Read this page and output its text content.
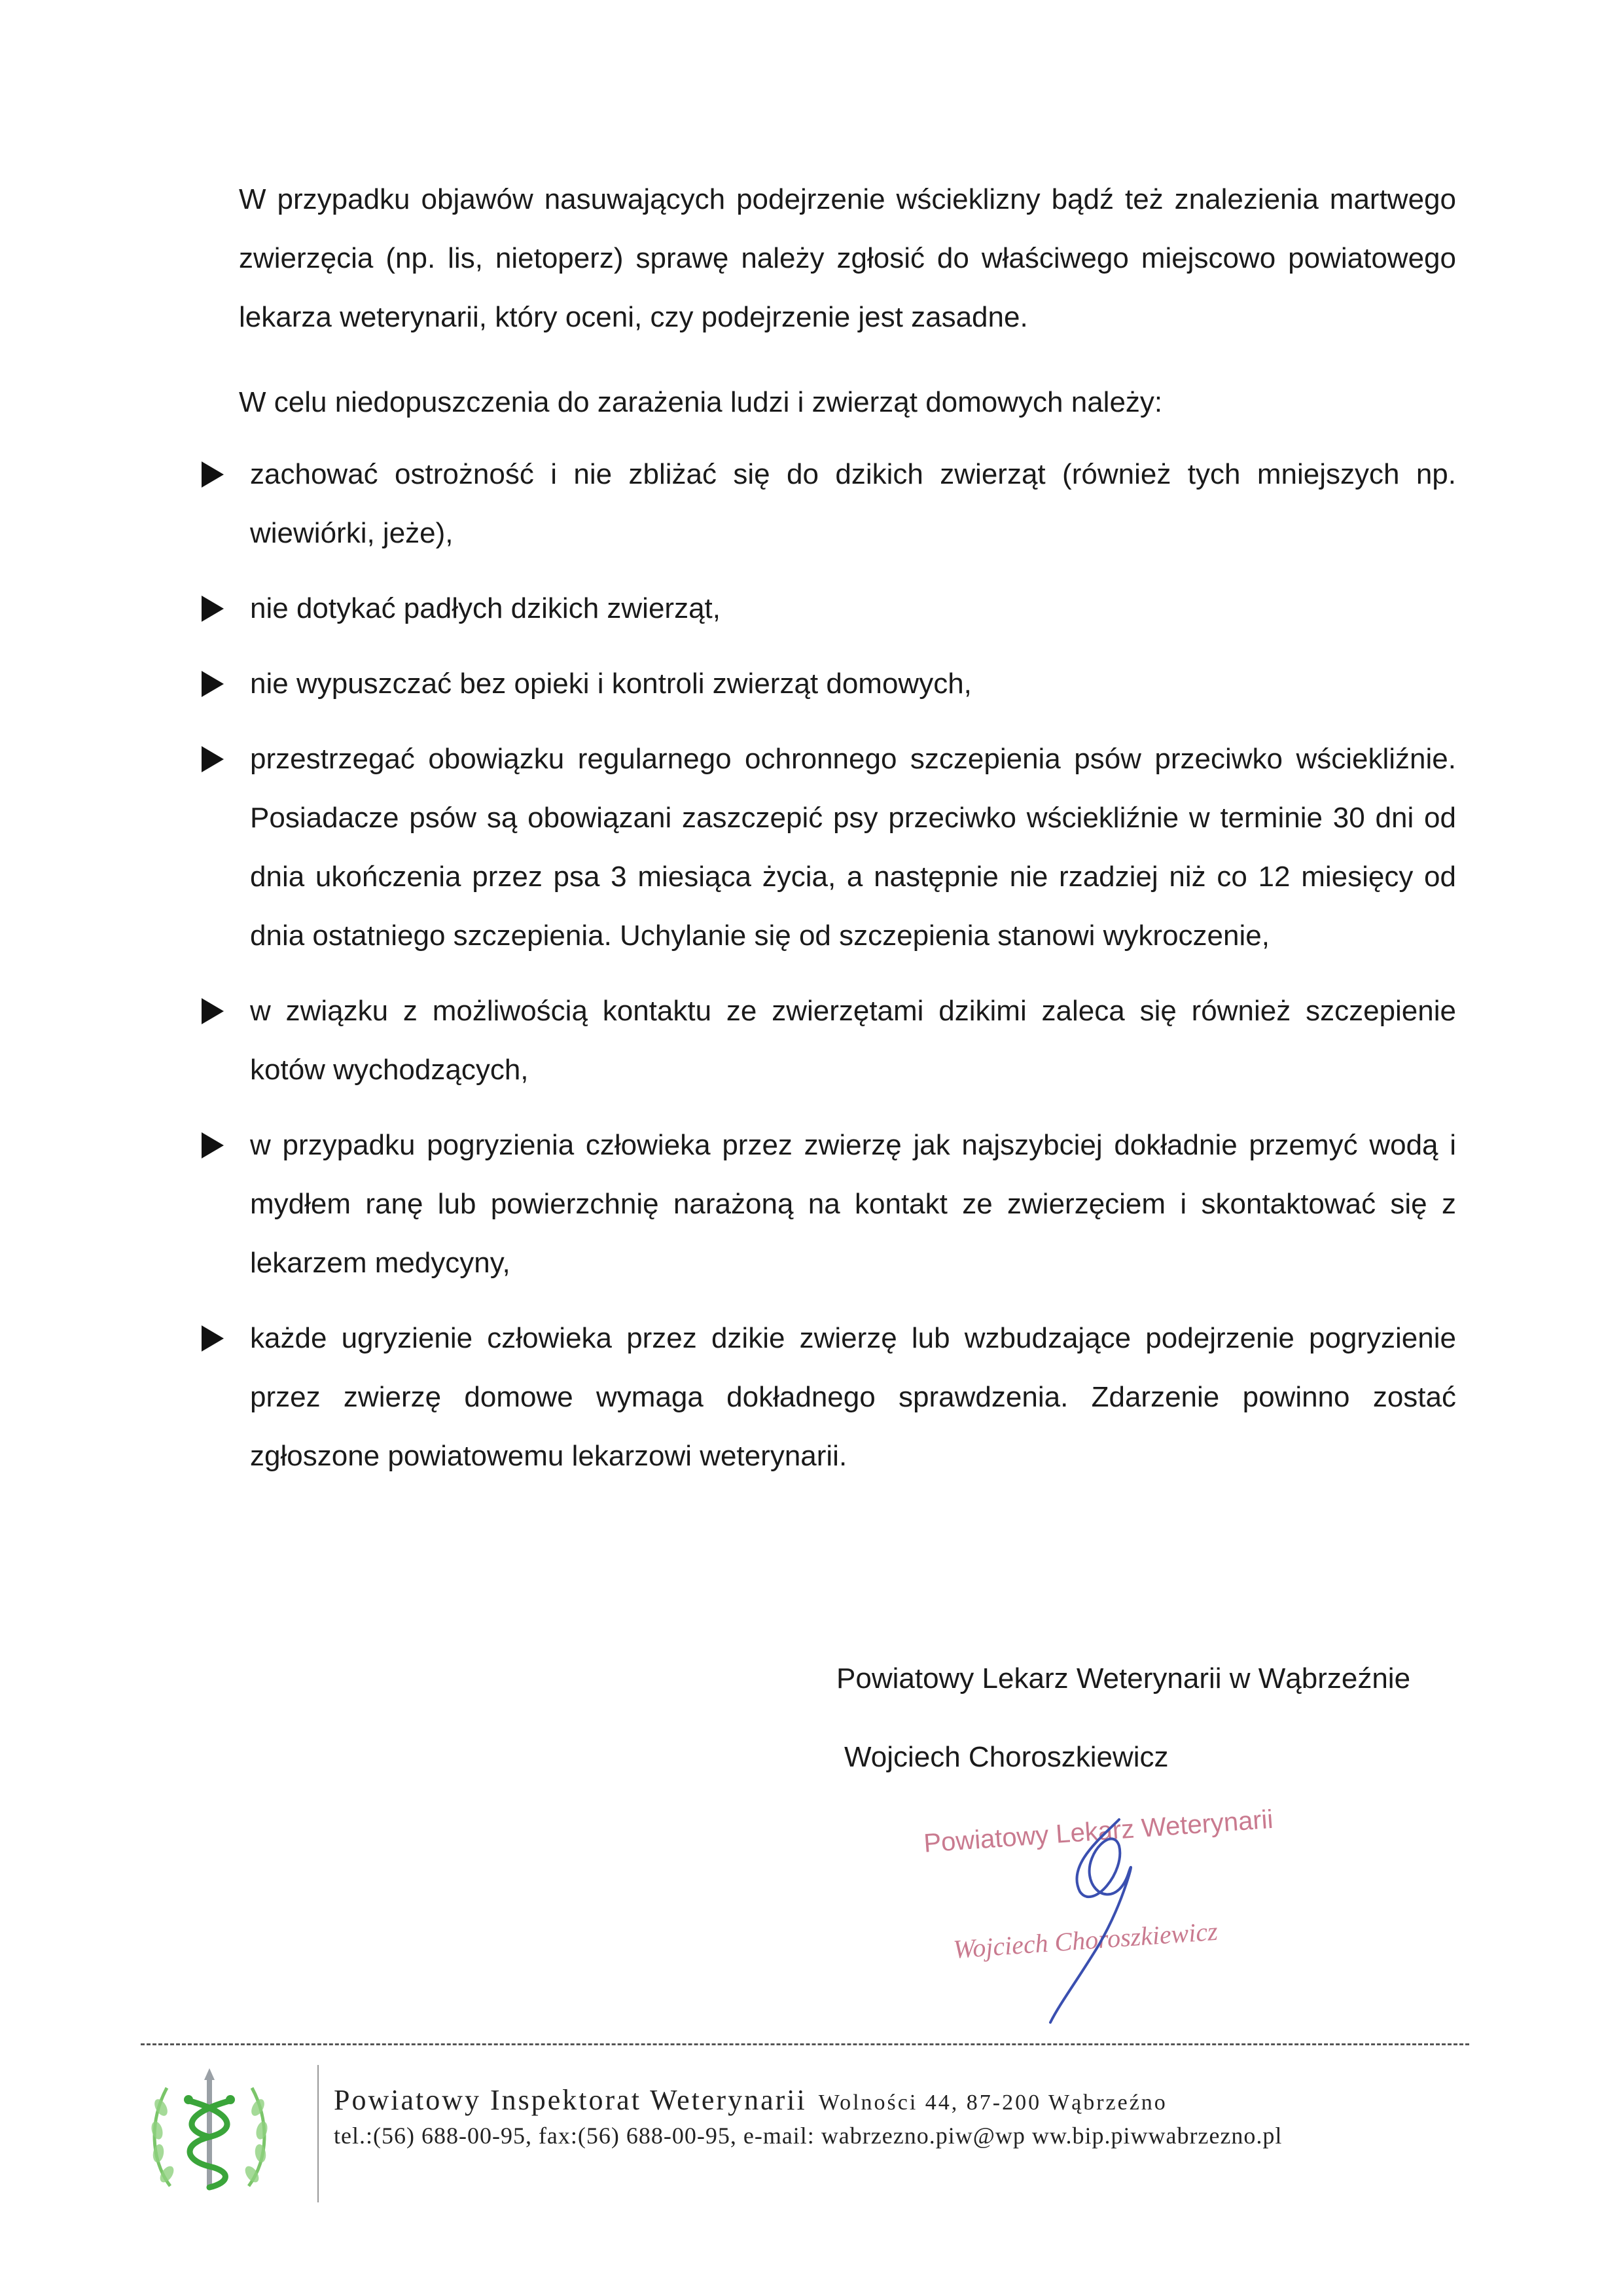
W przypadku objawów nasuwających podejrzenie wścieklizny bądź też znalezienia martwego zwierzęcia (np. lis, nietoperz) sprawę należy zgłosić do właściwego miejscowo powiatowego lekarza weterynarii, który oceni, czy podejrzenie jest zasadne.

W celu niedopuszczenia do zarażenia ludzi i zwierząt domowych należy:

zachować ostrożność i nie zbliżać się do dzikich zwierząt (również tych mniejszych np. wiewiórki, jeże),
nie dotykać padłych dzikich zwierząt,
nie wypuszczać bez opieki i kontroli zwierząt domowych,
przestrzegać obowiązku regularnego ochronnego szczepienia psów przeciwko wściekliźnie. Posiadacze psów są obowiązani zaszczepić psy przeciwko wściekliźnie w terminie 30 dni od dnia ukończenia przez psa 3 miesiąca życia, a następnie nie rzadziej niż co 12 miesięcy od dnia ostatniego szczepienia. Uchylanie się od szczepienia stanowi wykroczenie,
w związku z możliwością kontaktu ze zwierzętami dzikimi zaleca się również szczepienie kotów wychodzących,
w przypadku pogryzienia człowieka przez zwierzę jak najszybciej dokładnie przemyć wodą i mydłem ranę lub powierzchnię narażoną na kontakt ze zwierzęciem i skontaktować się z lekarzem medycyny,
każde ugryzienie człowieka przez dzikie zwierzę lub wzbudzające podejrzenie pogryzienie przez zwierzę domowe wymaga dokładnego sprawdzenia. Zdarzenie powinno zostać zgłoszone powiatowemu lekarzowi weterynarii.

Powiatowy Lekarz Weterynarii w Wąbrzeźnie

Wojciech Choroszkiewicz

Powiatowy Lekarz Weterynarii
Wojciech Choroszkiewicz

Powiatowy Inspektorat Weterynarii Wolności 44, 87-200 Wąbrzeźno

tel.:(56) 688-00-95, fax:(56) 688-00-95, e-mail: wabrzezno.piw@wp ww.bip.piwwabrzezno.pl
